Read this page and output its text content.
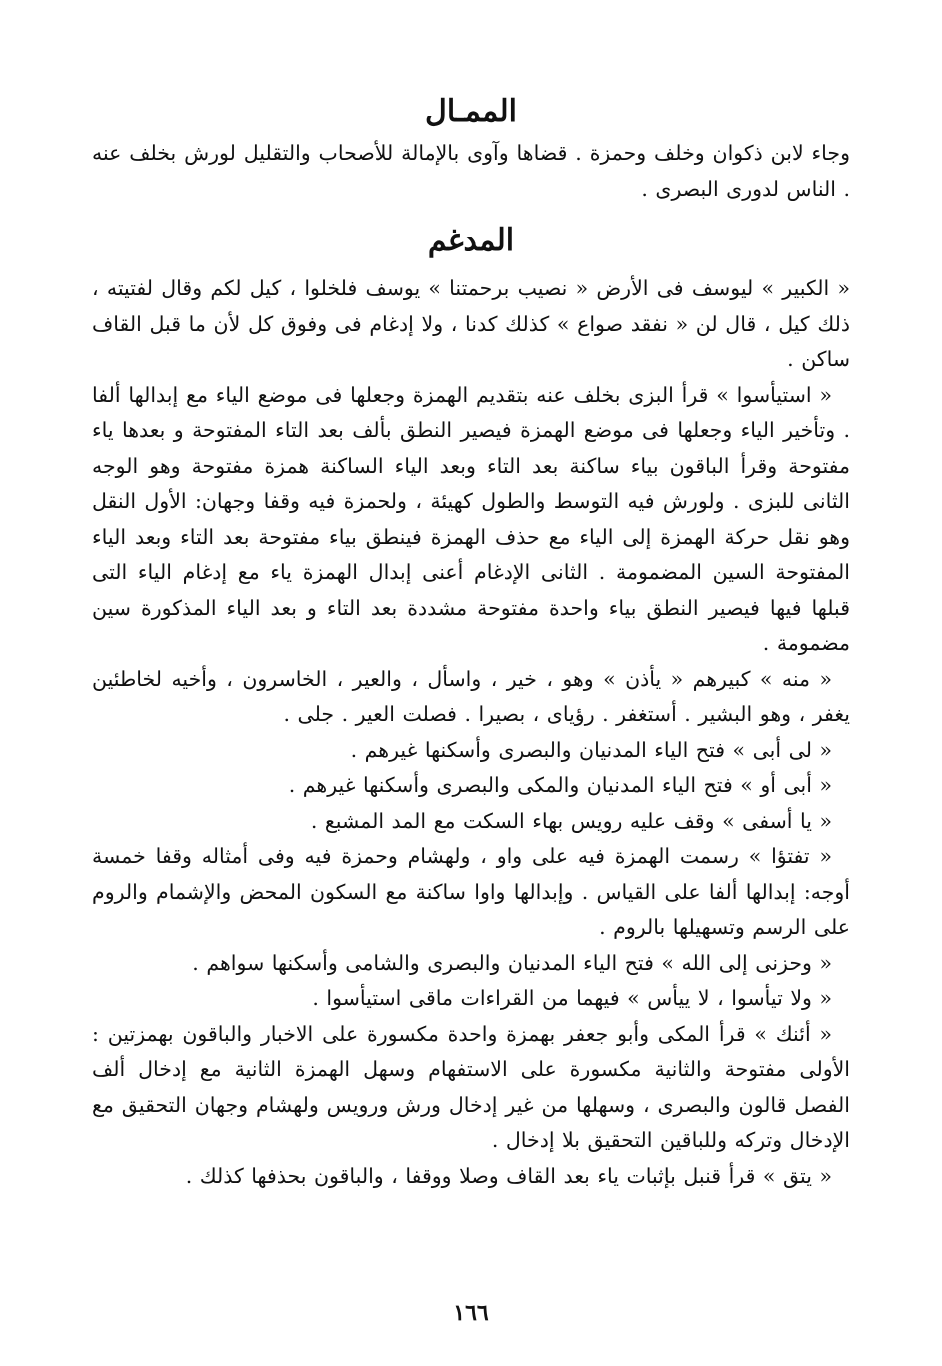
الممـال

وجاء لابن ذكوان وخلف وحمزة . قضاها وآوى بالإمالة للأصحاب والتقليل لورش بخلف عنه . الناس لدورى البصرى .

المدغم

« الكبير » ليوسف فى الأرض « نصيب برحمتنا » يوسف فلخلوا ، كيل لكم وقال لفتيته ، ذلك كيل ، قال لن « نفقد صواع » كذلك كدنا ، ولا إدغام فى وفوق كل لأن ما قبل القاف ساكن .

« استيأسوا » قرأ البزى بخلف عنه بتقديم الهمزة وجعلها فى موضع الياء مع إبدالها ألفا . وتأخير الياء وجعلها فى موضع الهمزة فيصير النطق بألف بعد التاء المفتوحة و بعدها ياء مفتوحة وقرأ الباقون بياء ساكنة بعد التاء وبعد الياء الساكنة همزة مفتوحة وهو الوجه الثانى للبزى . ولورش فيه التوسط والطول كهيئة ، ولحمزة فيه وقفا وجهان: الأول النقل وهو نقل حركة الهمزة إلى الياء مع حذف الهمزة فينطق بياء مفتوحة بعد التاء وبعد الياء المفتوحة السين المضمومة . الثانى الإدغام أعنى إبدال الهمزة ياء مع إدغام الياء التى قبلها فيها فيصير النطق بياء واحدة مفتوحة مشددة بعد التاء و بعد الياء المذكورة سين مضمومة .

« منه » كبيرهم « يأذن » وهو ، خير ، واسأل ، والعير ، الخاسرون ، وأخيه لخاطئين يغفر ، وهو البشير . أستغفر . رؤياى ، بصيرا . فصلت العير . جلى .

« لى أبى » فتح الياء المدنيان والبصرى وأسكنها غيرهم .

« أبى أو » فتح الياء المدنيان والمكى والبصرى وأسكنها غيرهم .

« يا أسفى » وقف عليه رويس بهاء السكت مع المد المشبع .

« تفتؤا » رسمت الهمزة فيه على واو ، ولهشام وحمزة فيه وفى أمثاله وقفا خمسة أوجه: إبدالها ألفا على القياس . وإبدالها واوا ساكنة مع السكون المحض والإشمام والروم على الرسم وتسهيلها بالروم .

« وحزنى إلى الله » فتح الياء المدنيان والبصرى والشامى وأسكنها سواهم .

« ولا تيأسوا ، لا ييأس » فيهما من القراءات ماقى استيأسوا .

« أئنك » قرأ المكى وأبو جعفر بهمزة واحدة مكسورة على الاخبار والباقون بهمزتين : الأولى مفتوحة والثانية مكسورة على الاستفهام وسهل الهمزة الثانية مع إدخال ألف الفصل قالون والبصرى ، وسهلها من غير إدخال ورش ورويس ولهشام وجهان التحقيق مع الإدخال وتركه وللباقين التحقيق بلا إدخال .

« يتق » قرأ قنبل بإثبات ياء بعد القاف وصلا ووقفا ، والباقون بحذفها كذلك .

١٦٦
